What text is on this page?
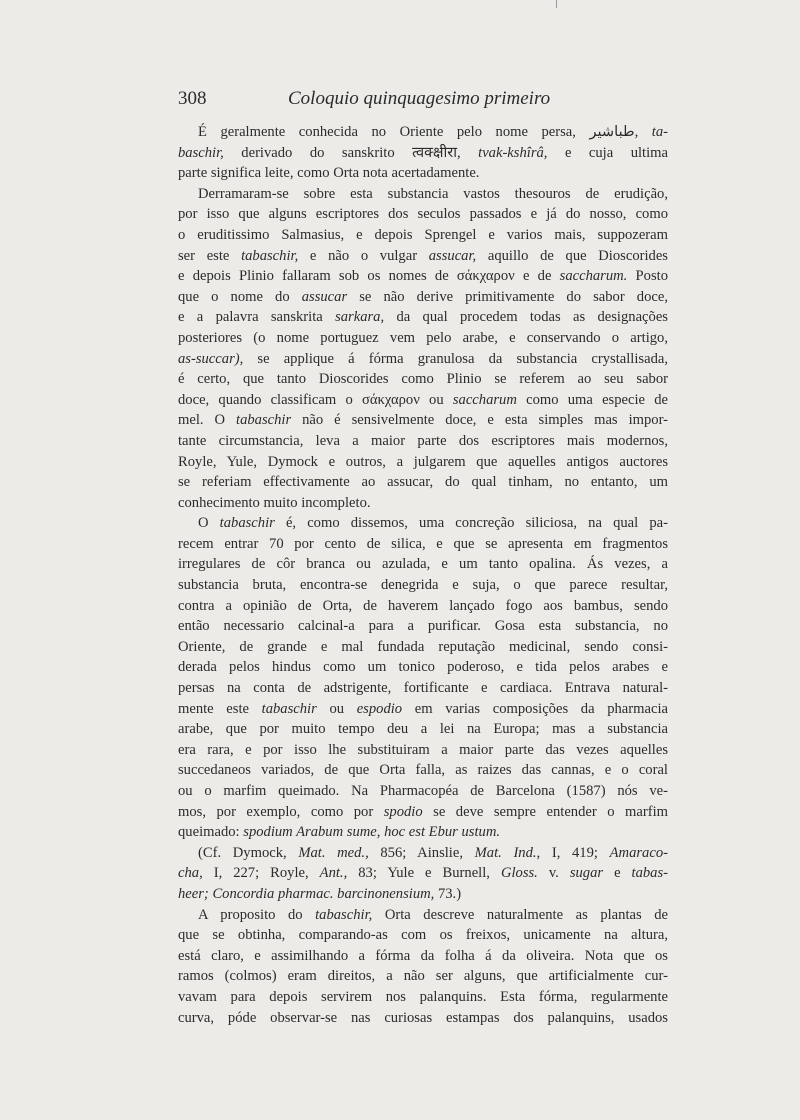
308	Coloquio quinquagesimo primeiro
É geralmente conhecida no Oriente pelo nome persa, طباشير, ta-
baschir, derivado do sanskrito त्वक्क्षीरा, tvak-kshîrâ, e cuja ultima
parte significa leite, como Orta nota acertadamente.
Derramaram-se sobre esta substancia vastos thesouros de erudição,
por isso que alguns escriptores dos seculos passados e já do nosso, como
o eruditissimo Salmasius, e depois Sprengel e varios mais, suppozeram
ser este tabaschir, e não o vulgar assucar, aquillo de que Dioscorides
e depois Plinio fallaram sob os nomes de σάκχαρον e de saccharum. Posto
que o nome do assucar se não derive primitivamente do sabor doce,
e a palavra sanskrita sarkara, da qual procedem todas as designações
posteriores (o nome portuguez vem pelo arabe, e conservando o artigo,
as-succar), se applique á fórma granulosa da substancia crystallisada,
é certo, que tanto Dioscorides como Plinio se referem ao seu sabor
doce, quando classificam o σάκχαρον ou saccharum como uma especie de
mel. O tabaschir não é sensivelmente doce, e esta simples mas impor-
tante circumstancia, leva a maior parte dos escriptores mais modernos,
Royle, Yule, Dymock e outros, a julgarem que aquelles antigos auctores
se referiam effectivamente ao assucar, do qual tinham, no entanto, um
conhecimento muito incompleto.
O tabaschir é, como dissemos, uma concreção siliciosa, na qual pa-
recem entrar 70 por cento de silica, e que se apresenta em fragmentos
irregulares de côr branca ou azulada, e um tanto opalina. Ás vezes, a
substancia bruta, encontra-se denegrida e suja, o que parece resultar,
contra a opinião de Orta, de haverem lançado fogo aos bambus, sendo
então necessario calcinal-a para a purificar. Gosa esta substancia, no
Oriente, de grande e mal fundada reputação medicinal, sendo consi-
derada pelos hindus como um tonico poderoso, e tida pelos arabes e
persas na conta de adstrigente, fortificante e cardiaca. Entrava natural-
mente este tabaschir ou espodio em varias composições da pharmacia
arabe, que por muito tempo deu a lei na Europa; mas a substancia
era rara, e por isso lhe substituiram a maior parte das vezes aquelles
succedaneos variados, de que Orta falla, as raizes das cannas, e o coral
ou o marfim queimado. Na Pharmacopéa de Barcelona (1587) nós ve-
mos, por exemplo, como por spodio se deve sempre entender o marfim
queimado: spodium Arabum sume, hoc est Ebur ustum.
(Cf. Dymock, Mat. med., 856; Ainslie, Mat. Ind., I, 419; Amaraco-
cha, I, 227; Royle, Ant., 83; Yule e Burnell, Gloss. v. sugar e tabas-
heer; Concordia pharmac. barcinonensium, 73.)
A proposito do tabaschir, Orta descreve naturalmente as plantas de
que se obtinha, comparando-as com os freixos, unicamente na altura,
está claro, e assimilhando a fórma da folha á da oliveira. Nota que os
ramos (colmos) eram direitos, a não ser alguns, que artificialmente cur-
vavam para depois servirem nos palanquins. Esta fórma, regularmente
curva, póde observar-se nas curiosas estampas dos palanquins, usados
